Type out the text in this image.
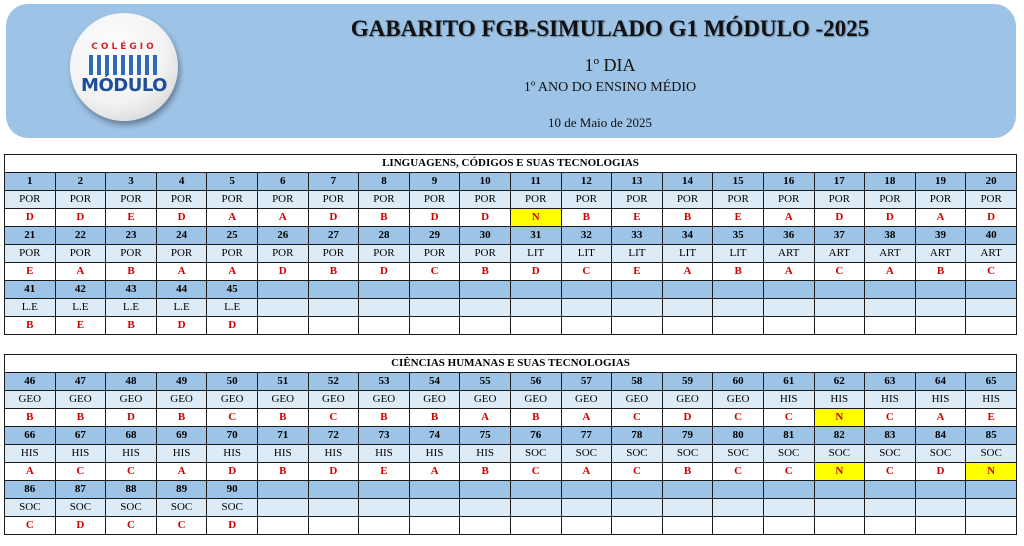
COLÉGIO
MÓDULO
GABARITO FGB-SIMULADO G1 MÓDULO -2025
1º DIA
1º ANO DO ENSINO MÉDIO
10 de Maio de 2025
LINGUAGENS, CÓDIGOS E SUAS TECNOLOGIAS																			
1	2	3	4	5	6	7	8	9	10	11	12	13	14	15	16	17	18	19	20
POR	POR	POR	POR	POR	POR	POR	POR	POR	POR	POR	POR	POR	POR	POR	POR	POR	POR	POR	POR
D	D	E	D	A	A	D	B	D	D	N	B	E	B	E	A	D	D	A	D
21	22	23	24	25	26	27	28	29	30	31	32	33	34	35	36	37	38	39	40
POR	POR	POR	POR	POR	POR	POR	POR	POR	POR	LIT	LIT	LIT	LIT	LIT	ART	ART	ART	ART	ART
E	A	B	A	A	D	B	D	C	B	D	C	E	A	B	A	C	A	B	C
41	42	43	44	45															
L.E	L.E	L.E	L.E	L.E															
B	E	B	D	D															
CIÊNCIAS HUMANAS E SUAS TECNOLOGIAS																			
46	47	48	49	50	51	52	53	54	55	56	57	58	59	60	61	62	63	64	65
GEO	GEO	GEO	GEO	GEO	GEO	GEO	GEO	GEO	GEO	GEO	GEO	GEO	GEO	GEO	HIS	HIS	HIS	HIS	HIS
B	B	D	B	C	B	C	B	B	A	B	A	C	D	C	C	N	C	A	E
66	67	68	69	70	71	72	73	74	75	76	77	78	79	80	81	82	83	84	85
HIS	HIS	HIS	HIS	HIS	HIS	HIS	HIS	HIS	HIS	SOC	SOC	SOC	SOC	SOC	SOC	SOC	SOC	SOC	SOC
A	C	C	A	D	B	D	E	A	B	C	A	C	B	C	C	N	C	D	N
86	87	88	89	90															
SOC	SOC	SOC	SOC	SOC															
C	D	C	C	D															
